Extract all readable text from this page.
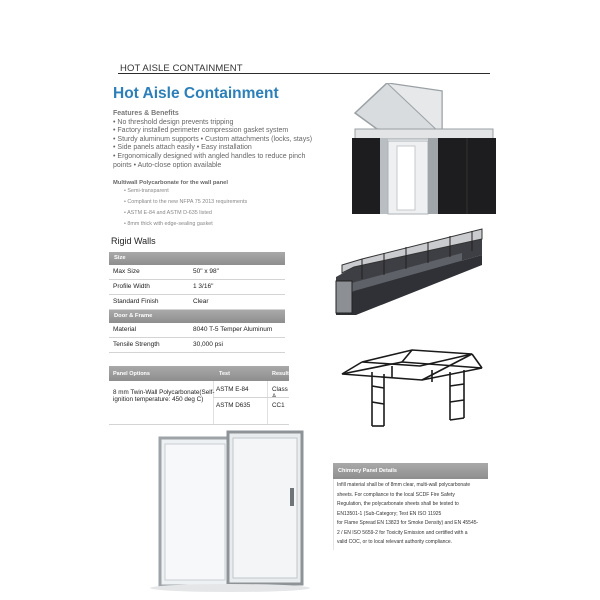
HOT AISLE CONTAINMENT
Hot Aisle Containment
Features & Benefits
• No threshold design prevents tripping
• Factory installed perimeter compression gasket system
• Sturdy aluminum supports • Custom attachments (locks, stays)
• Side panels attach easily • Easy installation
• Ergonomically designed with angled handles to reduce pinch
points • Auto-close option available
Multiwall Polycarbonate for the wall panel
• Semi-transparent
• Compliant to the new NFPA 75 2013 requirements
• ASTM E-84 and ASTM D-635 listed
• 8mm thick with edge-sealing gasket
Rigid Walls
Size
Max Size	50" x 98"
Profile Width	1 3/16"
Standard Finish	Clear
Door & Frame
Material	8040 T-5 Temper Aluminum
Tensile Strength	30,000 psi
Panel Options	Test	Result
8 mm Twin-Wall Polycarbonate(Self-ignition temperature: 450 deg C)
ASTM E-84	Class A
ASTM D635	CC1
Chimney Panel Details
Infill material shall be of 8mm clear, multi-wall polycarbonate
sheets. For compliance to the local SCDF Fire Safety
Regulation, the polycarbonate sheets shall be tested to
EN13501-1 (Sub-Category; Test EN ISO 11925
for Flame Spread EN 13823 for Smoke Density) and EN 45545-
2 / EN ISO 5659-2 for Toxicity Emission and certified with a
valid COC, or to local relevant authority compliance.
